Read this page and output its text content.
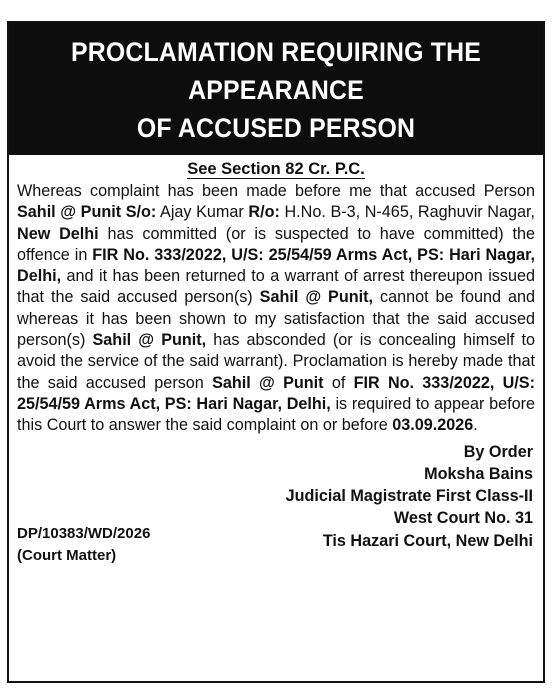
PROCLAMATION REQUIRING THE APPEARANCE
OF ACCUSED PERSON
See Section 82 Cr. P.C.
Whereas complaint has been made before me that accused Person Sahil @ Punit S/o: Ajay Kumar R/o: H.No. B-3, N-465, Raghuvir Nagar, New Delhi has committed (or is suspected to have committed) the offence in FIR No. 333/2022, U/S: 25/54/59 Arms Act, PS: Hari Nagar, Delhi, and it has been returned to a warrant of arrest thereupon issued that the said accused person(s) Sahil @ Punit, cannot be found and whereas it has been shown to my satisfaction that the said accused person(s) Sahil @ Punit, has absconded (or is concealing himself to avoid the service of the said warrant). Proclamation is hereby made that the said accused person Sahil @ Punit of FIR No. 333/2022, U/S: 25/54/59 Arms Act, PS: Hari Nagar, Delhi, is required to appear before this Court to answer the said complaint on or before 03.09.2026.
By Order
Moksha Bains
Judicial Magistrate First Class-II
West Court No. 31
Tis Hazari Court, New Delhi
DP/10383/WD/2026
(Court Matter)
